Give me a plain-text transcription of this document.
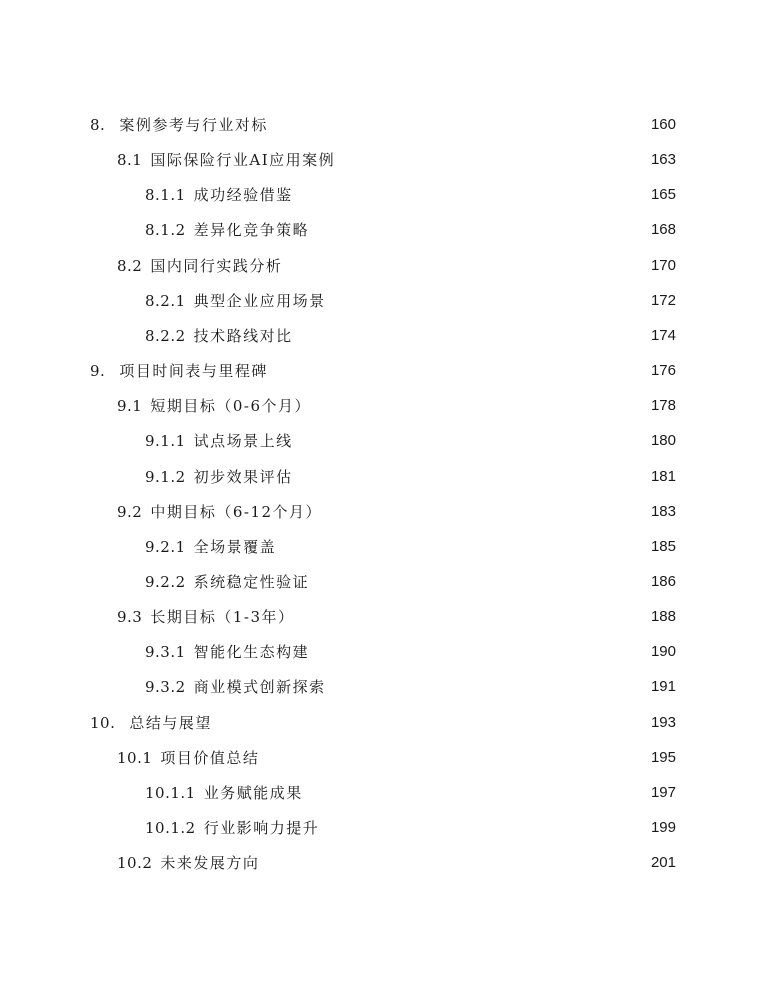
8. 案例参考与行业对标	160
8.1 国际保险行业AI应用案例	163
8.1.1 成功经验借鉴	165
8.1.2 差异化竞争策略	168
8.2 国内同行实践分析	170
8.2.1 典型企业应用场景	172
8.2.2 技术路线对比	174
9. 项目时间表与里程碑	176
9.1 短期目标（0-6个月）	178
9.1.1 试点场景上线	180
9.1.2 初步效果评估	181
9.2 中期目标（6-12个月）	183
9.2.1 全场景覆盖	185
9.2.2 系统稳定性验证	186
9.3 长期目标（1-3年）	188
9.3.1 智能化生态构建	190
9.3.2 商业模式创新探索	191
10. 总结与展望	193
10.1 项目价值总结	195
10.1.1 业务赋能成果	197
10.1.2 行业影响力提升	199
10.2 未来发展方向	201
